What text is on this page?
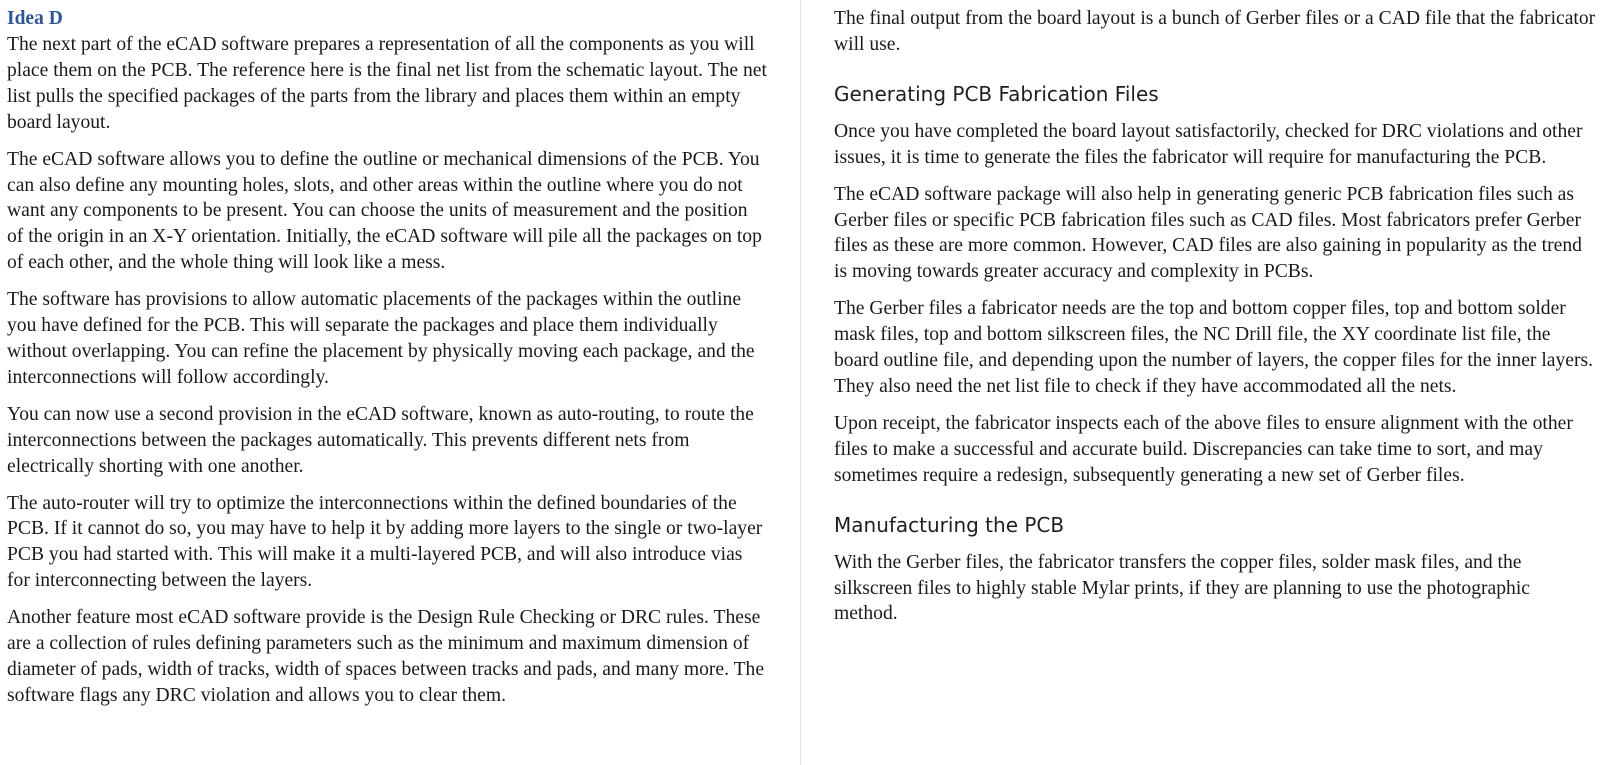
Idea D

The next part of the eCAD software prepares a representation of all the components as you will place them on the PCB. The reference here is the final net list from the schematic layout. The net list pulls the specified packages of the parts from the library and places them within an empty board layout.

The eCAD software allows you to define the outline or mechanical dimensions of the PCB. You can also define any mounting holes, slots, and other areas within the outline where you do not want any components to be present. You can choose the units of measurement and the position of the origin in an X-Y orientation. Initially, the eCAD software will pile all the packages on top of each other, and the whole thing will look like a mess.

The software has provisions to allow automatic placements of the packages within the outline you have defined for the PCB. This will separate the packages and place them individually without overlapping. You can refine the placement by physically moving each package, and the interconnections will follow accordingly.

You can now use a second provision in the eCAD software, known as auto-routing, to route the interconnections between the packages automatically. This prevents different nets from electrically shorting with one another.

The auto-router will try to optimize the interconnections within the defined boundaries of the PCB. If it cannot do so, you may have to help it by adding more layers to the single or two-layer PCB you had started with. This will make it a multi-layered PCB, and will also introduce vias for interconnecting between the layers.

Another feature most eCAD software provide is the Design Rule Checking or DRC rules. These are a collection of rules defining parameters such as the minimum and maximum dimension of diameter of pads, width of tracks, width of spaces between tracks and pads, and many more. The software flags any DRC violation and allows you to clear them.

The final output from the board layout is a bunch of Gerber files or a CAD file that the fabricator will use.

Generating PCB Fabrication Files

Once you have completed the board layout satisfactorily, checked for DRC violations and other issues, it is time to generate the files the fabricator will require for manufacturing the PCB.

The eCAD software package will also help in generating generic PCB fabrication files such as Gerber files or specific PCB fabrication files such as CAD files. Most fabricators prefer Gerber files as these are more common. However, CAD files are also gaining in popularity as the trend is moving towards greater accuracy and complexity in PCBs.

The Gerber files a fabricator needs are the top and bottom copper files, top and bottom solder mask files, top and bottom silkscreen files, the NC Drill file, the XY coordinate list file, the board outline file, and depending upon the number of layers, the copper files for the inner layers. They also need the net list file to check if they have accommodated all the nets.

Upon receipt, the fabricator inspects each of the above files to ensure alignment with the other files to make a successful and accurate build. Discrepancies can take time to sort, and may sometimes require a redesign, subsequently generating a new set of Gerber files.

Manufacturing the PCB

With the Gerber files, the fabricator transfers the copper files, solder mask files, and the silkscreen files to highly stable Mylar prints, if they are planning to use the photographic method.
